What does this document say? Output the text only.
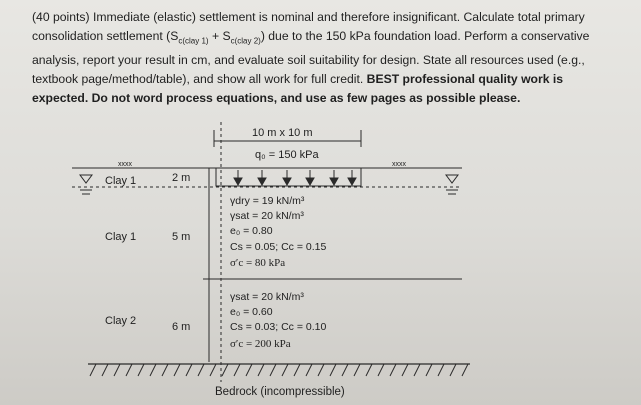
(40 points) Immediate (elastic) settlement is nominal and therefore insignificant. Calculate total primary consolidation settlement $(S_{c(clay 1)} + S_{c(clay 2)})$ due to the 150 kPa foundation load. Perform a conservative analysis, report your result in cm, and evaluate soil suitability for design. State all resources used (e.g., textbook page/method/table), and show all work for full credit. BEST professional quality work is expected. Do not word process equations, and use as few pages as possible please.
10 m x 10 m
q₀ = 150 kPa
xxxx	xxxx
Clay 1	2 m
Clay 1	5 m
Clay 2	6 m
γdry = 19 kN/m³
γsat = 20 kN/m³
e₀ = 0.80
Cs = 0.05; Cc = 0.15
σ′c = 80 kPa
γsat = 20 kN/m³
e₀ = 0.60
Cs = 0.03; Cc = 0.10
σ′c = 200 kPa
Bedrock (incompressible)
